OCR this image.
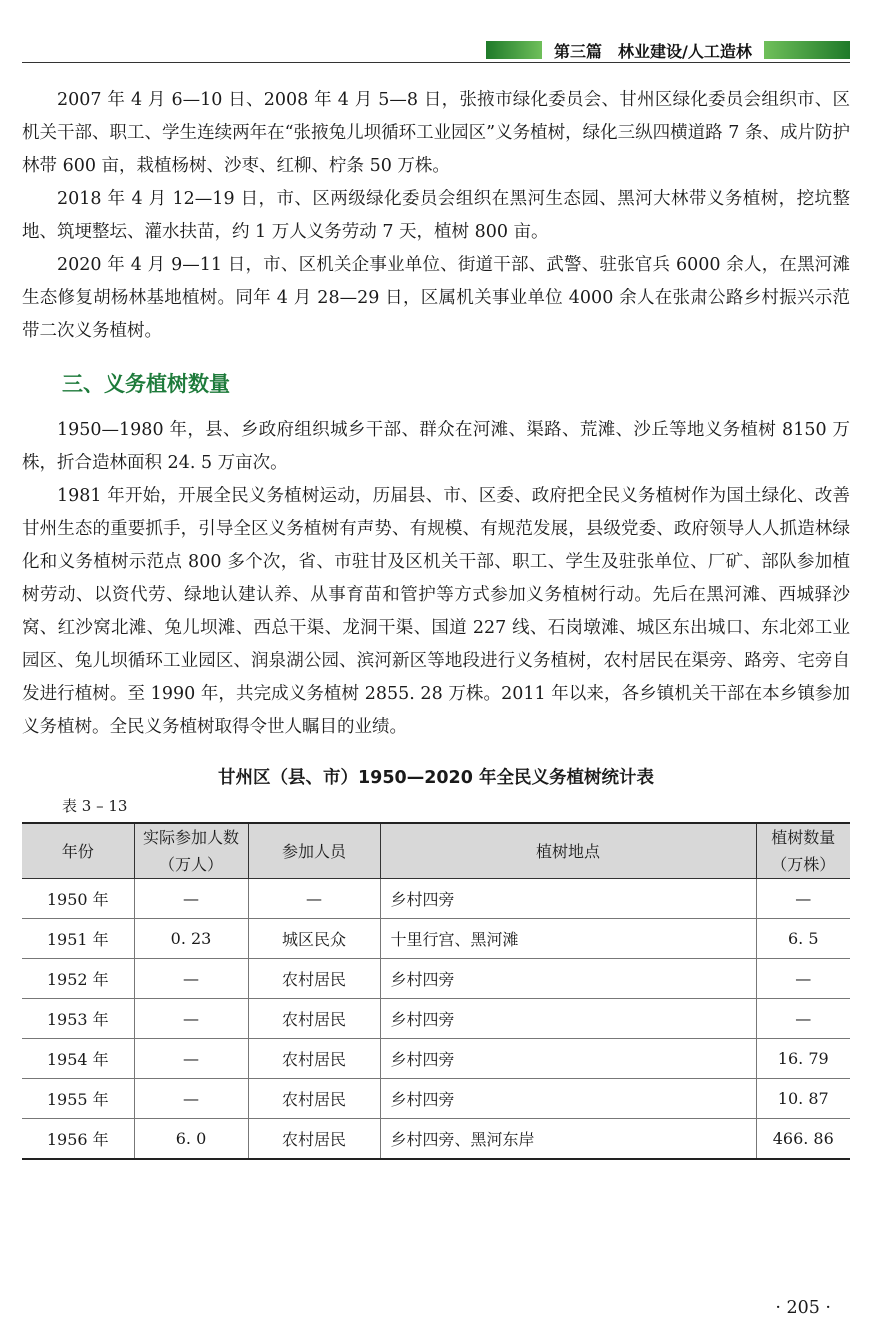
第三篇　林业建设/人工造林

2007 年 4 月 6—10 日、2008 年 4 月 5—8 日，张掖市绿化委员会、甘州区绿化委员会组织市、区机关干部、职工、学生连续两年在“张掖兔儿坝循环工业园区”义务植树，绿化三纵四横道路 7 条、成片防护林带 600 亩，栽植杨树、沙枣、红柳、柠条 50 万株。

2018 年 4 月 12—19 日，市、区两级绿化委员会组织在黑河生态园、黑河大林带义务植树，挖坑整地、筑埂整坛、灌水扶苗，约 1 万人义务劳动 7 天，植树 800 亩。

2020 年 4 月 9—11 日，市、区机关企事业单位、街道干部、武警、驻张官兵 6000 余人，在黑河滩生态修复胡杨林基地植树。同年 4 月 28—29 日，区属机关事业单位 4000 余人在张肃公路乡村振兴示范带二次义务植树。

三、义务植树数量

1950—1980 年，县、乡政府组织城乡干部、群众在河滩、渠路、荒滩、沙丘等地义务植树 8150 万株，折合造林面积 24. 5 万亩次。

1981 年开始，开展全民义务植树运动，历届县、市、区委、政府把全民义务植树作为国土绿化、改善甘州生态的重要抓手，引导全区义务植树有声势、有规模、有规范发展，县级党委、政府领导人人抓造林绿化和义务植树示范点 800 多个次，省、市驻甘及区机关干部、职工、学生及驻张单位、厂矿、部队参加植树劳动、以资代劳、绿地认建认养、从事育苗和管护等方式参加义务植树行动。先后在黑河滩、西城驿沙窝、红沙窝北滩、兔儿坝滩、西总干渠、龙洞干渠、国道 227 线、石岗墩滩、城区东出城口、东北郊工业园区、兔儿坝循环工业园区、润泉湖公园、滨河新区等地段进行义务植树，农村居民在渠旁、路旁、宅旁自发进行植树。至 1990 年，共完成义务植树 2855. 28 万株。2011 年以来，各乡镇机关干部在本乡镇参加义务植树。全民义务植树取得令世人瞩目的业绩。

甘州区（县、市）1950—2020 年全民义务植树统计表
表 3 – 13
年份	实际参加人数（万人）	参加人员	植树地点	植树数量（万株）
1950 年	—	—	乡村四旁	—
1951 年	0. 23	城区民众	十里行宫、黑河滩	6. 5
1952 年	—	农村居民	乡村四旁	—
1953 年	—	农村居民	乡村四旁	—
1954 年	—	农村居民	乡村四旁	16. 79
1955 年	—	农村居民	乡村四旁	10. 87
1956 年	6. 0	农村居民	乡村四旁、黑河东岸	466. 86
· 205 ·
